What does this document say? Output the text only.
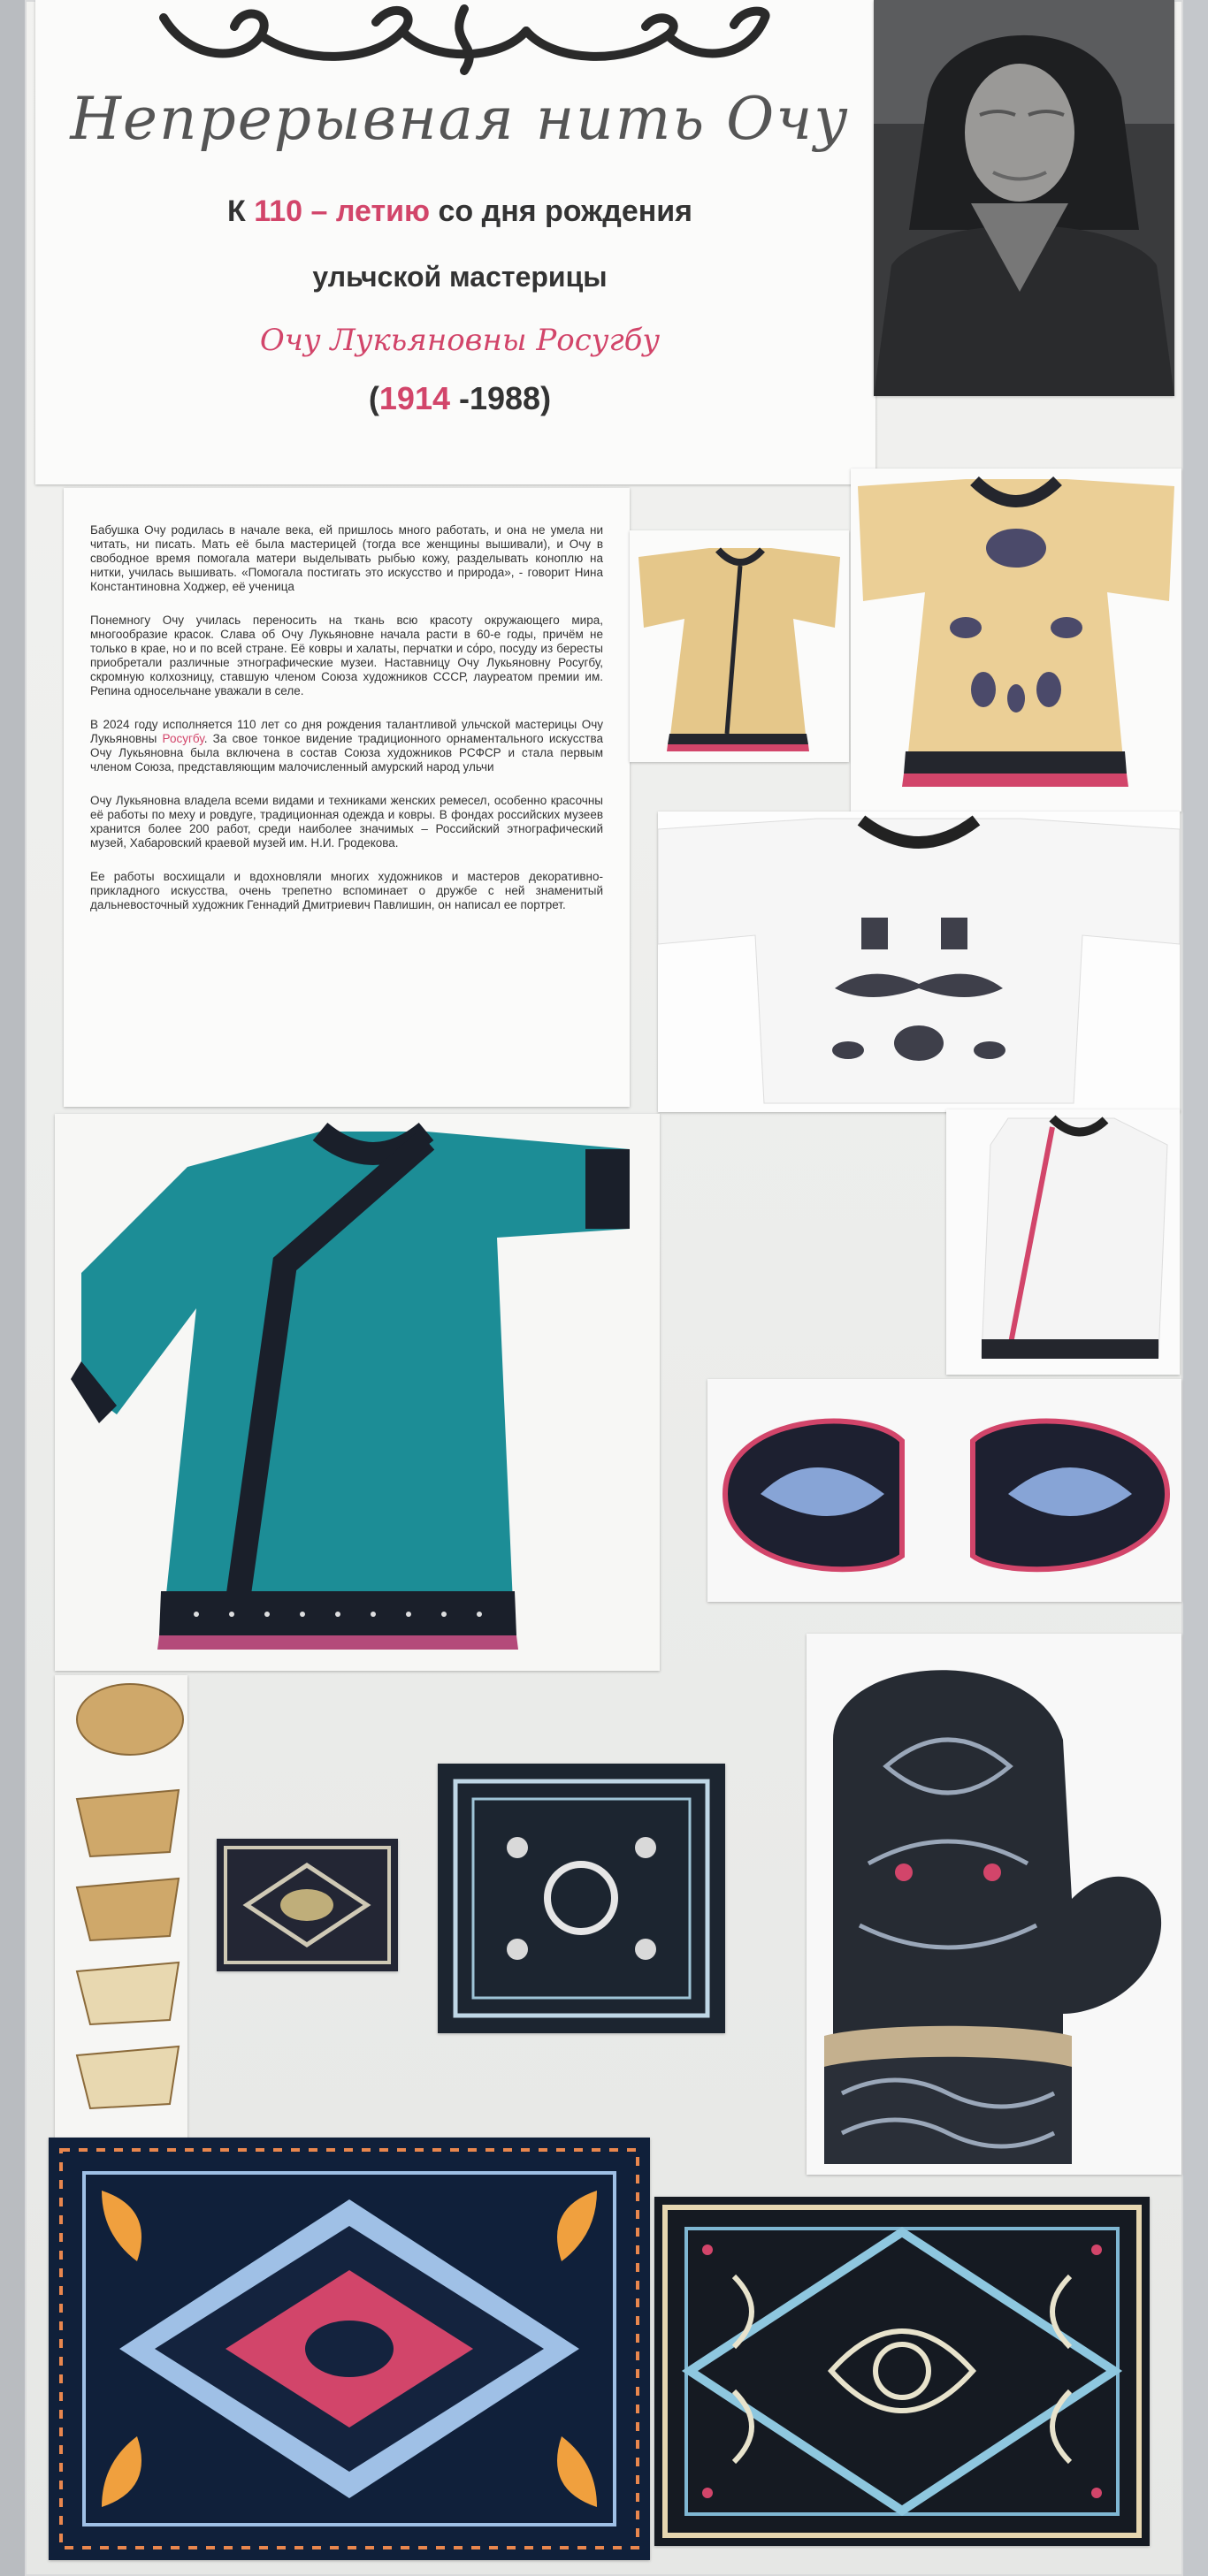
Непрерывная нить Очу
К 110 – летию со дня рождения
ульчской мастерицы
Очу Лукьяновны Росугбу
(1914 -1988)

Бабушка Очу родилась в начале века, ей пришлось много работать, и она не умела ни читать, ни писать. Мать её была мастерицей (тогда все женщины вышивали), и Очу в свободное время помогала матери выделывать рыбью кожу, разделывать коноплю на нитки, училась вышивать. «Помогала постигать это искусство и природа», - говорит Нина Константиновна Ходжер, её ученица

Понемногу Очу училась переносить на ткань всю красоту окружающего мира, многообразие красок. Слава об Очу Лукьяновне начала расти в 60-е годы, причём не только в крае, но и по всей стране. Её ковры и халаты, перчатки и со́ро, посуду из бересты приобретали различные этнографические музеи. Наставницу Очу Лукьяновну Росугбу, скромную колхозницу, ставшую членом Союза художников СССР, лауреатом премии им. Репина односельчане уважали в селе.

В 2024 году исполняется 110 лет со дня рождения талантливой ульчской мастерицы Очу Лукьяновны Росугбу. За свое тонкое видение традиционного орнаментального искусства Очу Лукьяновна была включена в состав Союза художников РСФСР и стала первым членом Союза, представляющим малочисленный амурский народ ульчи

Очу Лукьяновна владела всеми видами и техниками женских ремесел, особенно красочны её работы по меху и ровдуге, традиционная одежда и ковры. В фондах российских музеев хранится более 200 работ, среди наиболее значимых – Российский этнографический музей, Хабаровский краевой музей им. Н.И. Гродекова.

Ее работы восхищали и вдохновляли многих художников и мастеров декоративно-прикладного искусства, очень трепетно вспоминает о дружбе с ней знаменитый дальневосточный художник Геннадий Дмитриевич Павлишин, он написал ее портрет.
